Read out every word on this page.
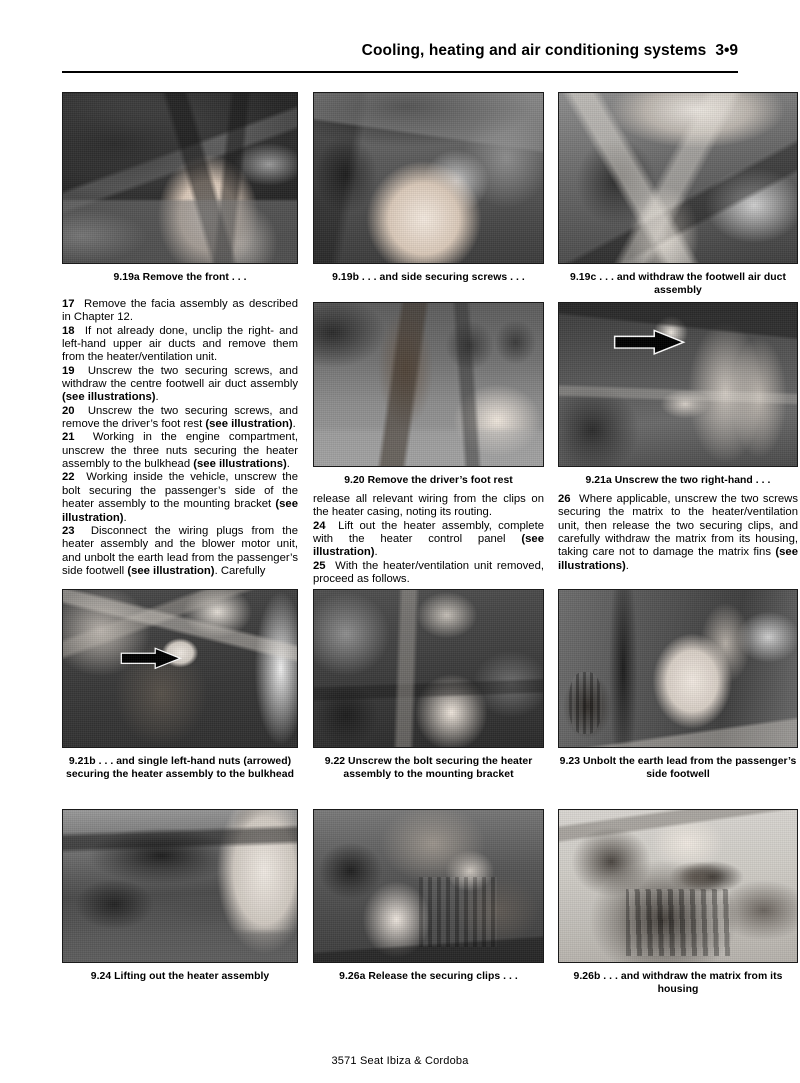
Cooling, heating and air conditioning systems 3•9
9.19a Remove the front . . .	9.19b . . . and side securing screws . . .	9.19c . . . and withdraw the footwell air duct assembly

17  Remove the facia assembly as described in Chapter 12.

18  If not already done, unclip the right- and left-hand upper air ducts and remove them from the heater/ventilation unit.

19  Unscrew the two securing screws, and withdraw the centre footwell air duct assembly (see illustrations).

20  Unscrew the two securing screws, and remove the driver’s foot rest (see illustration).

21  Working in the engine compartment, unscrew the three nuts securing the heater assembly to the bulkhead (see illustrations).

22  Working inside the vehicle, unscrew the bolt securing the passenger’s side of the heater assembly to the mounting bracket (see illustration).

23  Disconnect the wiring plugs from the heater assembly and the blower motor unit, and unbolt the earth lead from the passenger’s side footwell (see illustration). Carefully

9.20 Remove the driver’s foot rest	9.21a Unscrew the two right-hand . . .

release all relevant wiring from the clips on the heater casing, noting its routing.

24  Lift out the heater assembly, complete with the heater control panel (see illustration).

25  With the heater/ventilation unit removed, proceed as follows.

26  Where applicable, unscrew the two screws securing the matrix to the heater/ventilation unit, then release the two securing clips, and carefully withdraw the matrix from its housing, taking care not to damage the matrix fins (see illustrations).

9.21b . . . and single left-hand nuts (arrowed) securing the heater assembly to the bulkhead
9.22 Unscrew the bolt securing the heater assembly to the mounting bracket
9.23 Unbolt the earth lead from the passenger’s side footwell
9.24 Lifting out the heater assembly	9.26a Release the securing clips . . .	9.26b . . . and withdraw the matrix from its housing
3571 Seat Ibiza & Cordoba
